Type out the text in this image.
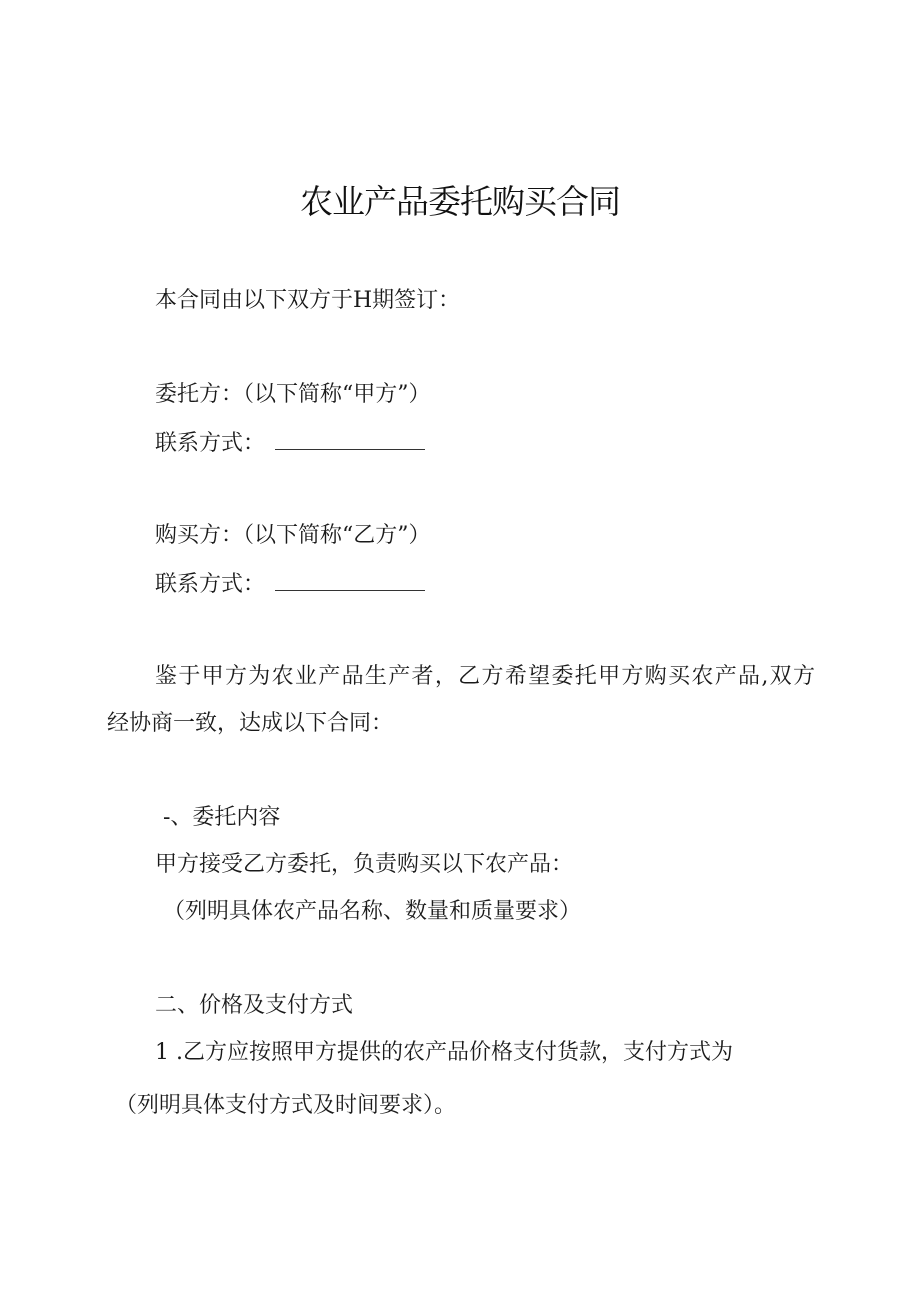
农业产品委托购买合同

本合同由以下双方于H期签订：

委托方：（以下简称“甲方”）

联系方式：

购买方：（以下简称“乙方”）

联系方式：

鉴于甲方为农业产品生产者，乙方希望委托甲方购买农产品,双方

经协商一致，达成以下合同：

-、委托内容

甲方接受乙方委托，负责购买以下农产品：

（列明具体农产品名称、数量和质量要求）

二、价格及支付方式

1 .乙方应按照甲方提供的农产品价格支付货款，支付方式为

（列明具体支付方式及时间要求）。
